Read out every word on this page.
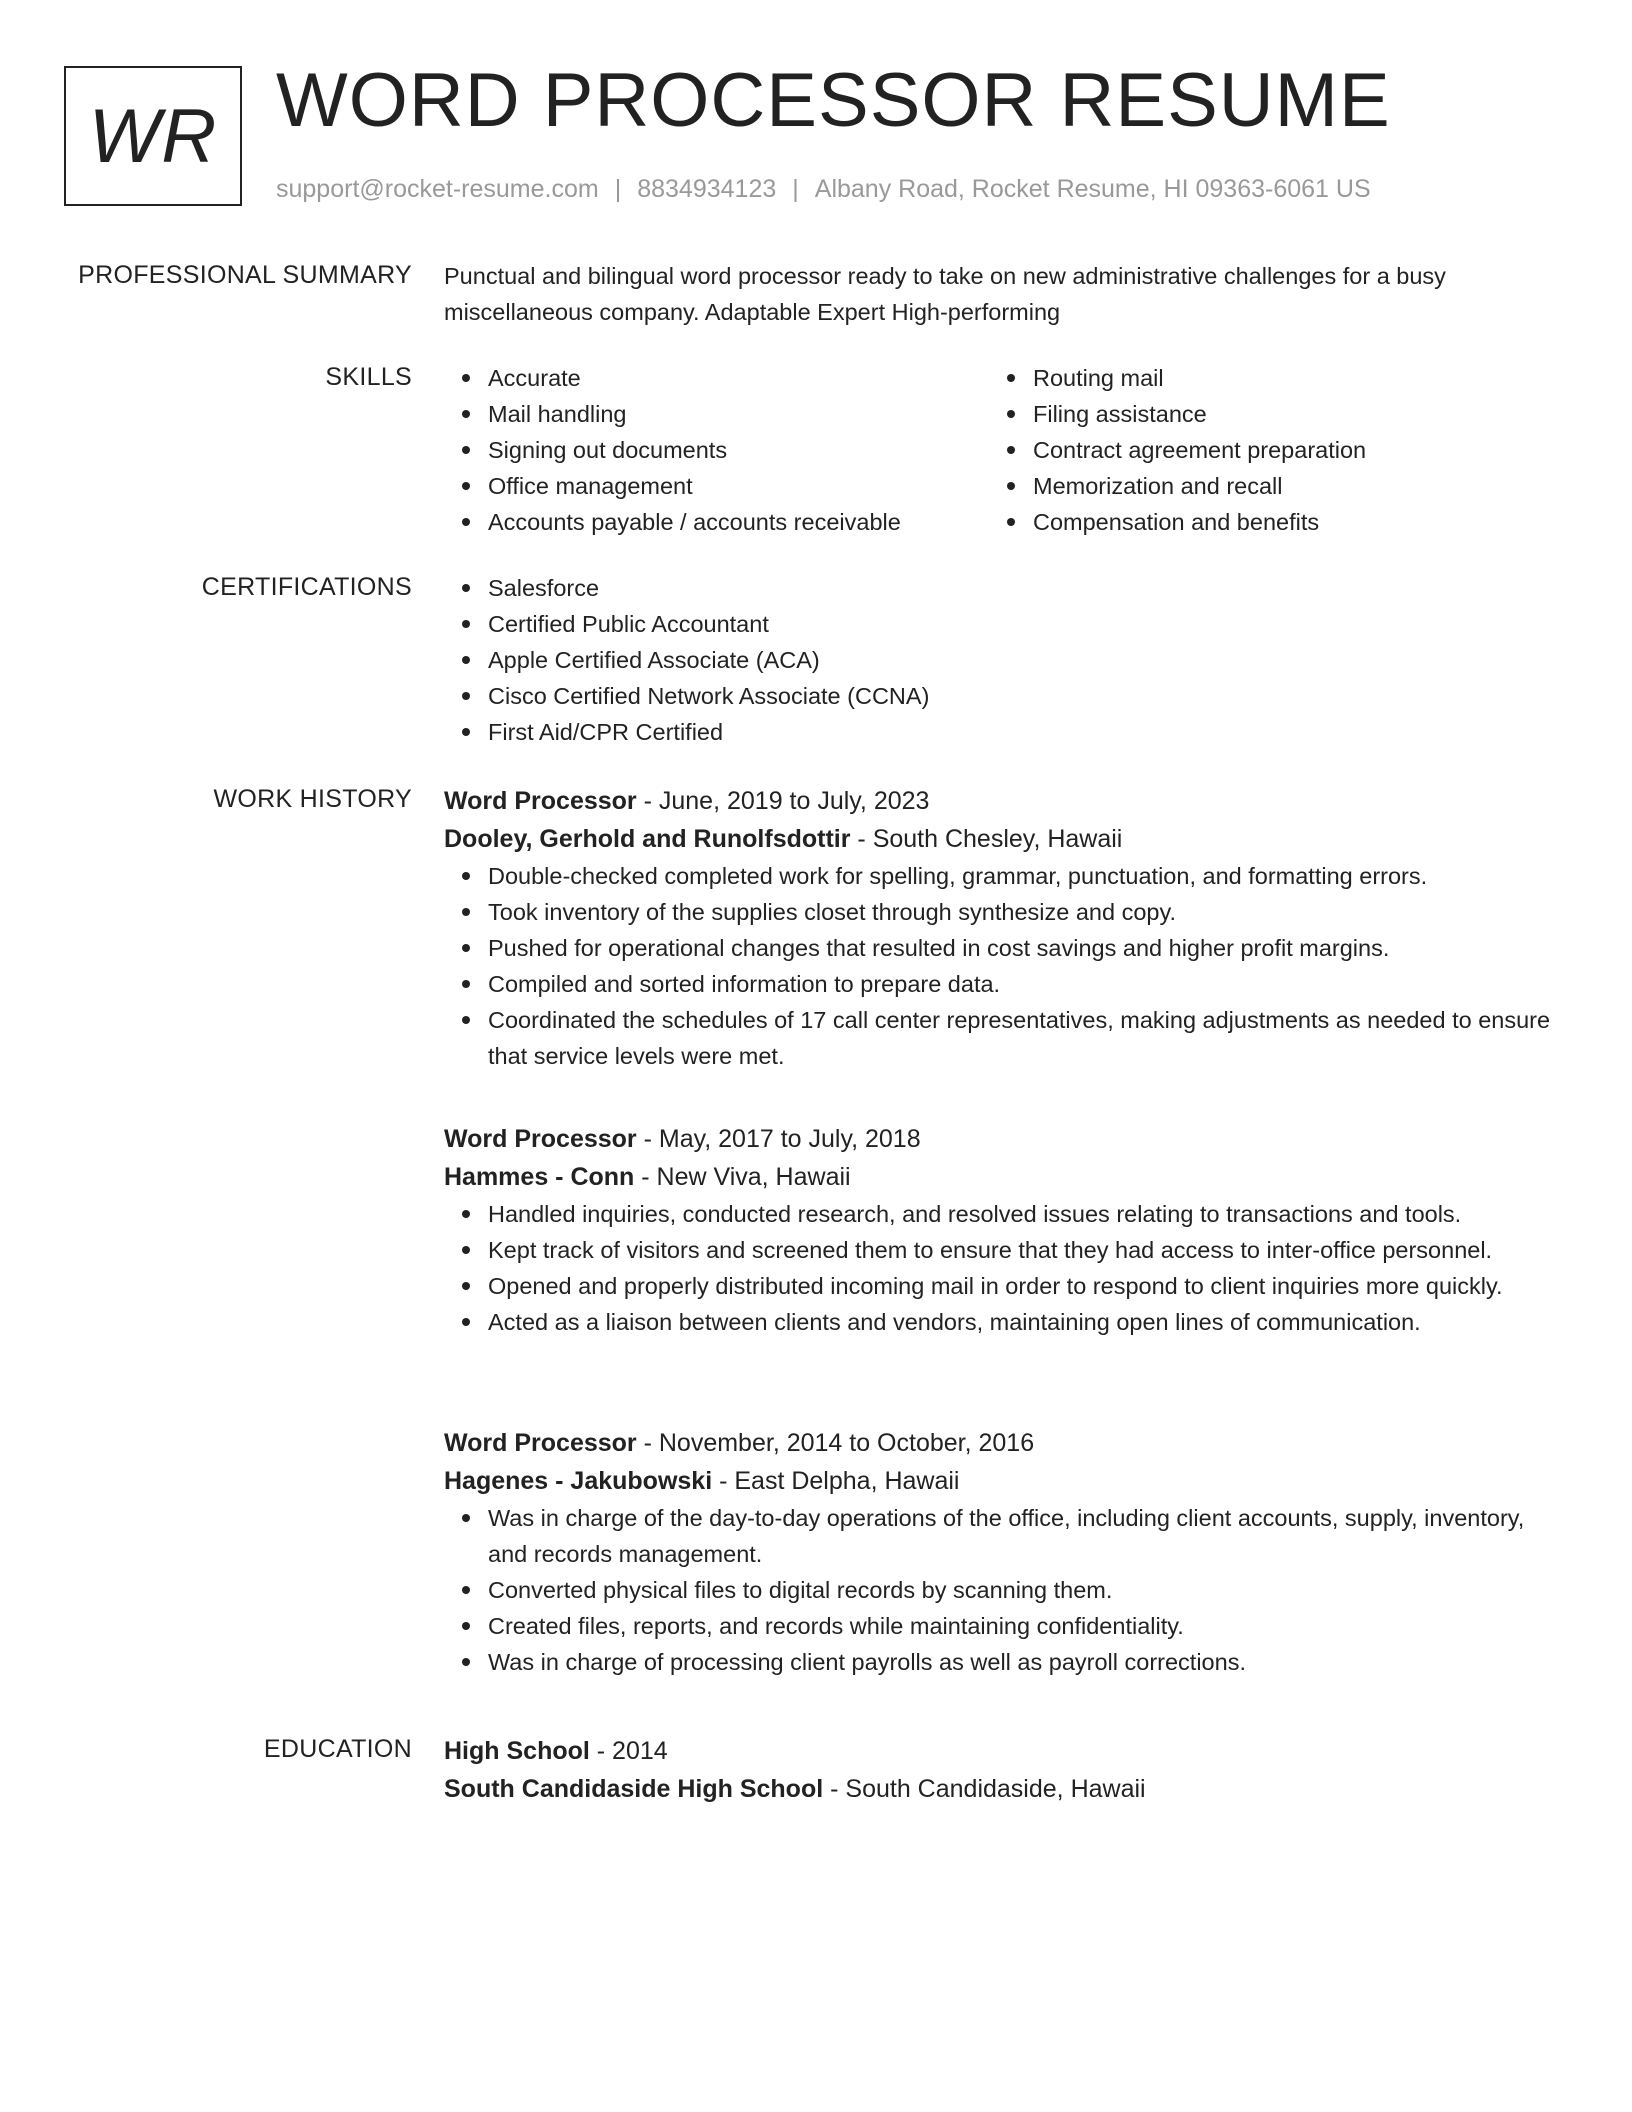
WR WORD PROCESSOR RESUME
support@rocket-resume.com | 8834934123 | Albany Road, Rocket Resume, HI 09363-6061 US
PROFESSIONAL SUMMARY Punctual and bilingual word processor ready to take on new administrative challenges for a busy miscellaneous company. Adaptable Expert High-performing

SKILLS	Accurate
Mail handling
Signing out documents
Office management
Accounts payable / accounts receivable
Routing mail
Filing assistance
Contract agreement preparation
Memorization and recall
Compensation and benefits
CERTIFICATIONS	Salesforce
Certified Public Accountant
Apple Certified Associate (ACA)
Cisco Certified Network Associate (CCNA)
First Aid/CPR Certified
WORK HISTORY Word Processor - June, 2019 to July, 2023
Dooley, Gerhold and Runolfsdottir - South Chesley, Hawaii
Double-checked completed work for spelling, grammar, punctuation, and formatting errors.
Took inventory of the supplies closet through synthesize and copy.
Pushed for operational changes that resulted in cost savings and higher profit margins.
Compiled and sorted information to prepare data.
Coordinated the schedules of 17 call center representatives, making adjustments as needed to ensure that service levels were met.
Word Processor - May, 2017 to July, 2018
Hammes - Conn - New Viva, Hawaii
Handled inquiries, conducted research, and resolved issues relating to transactions and tools.
Kept track of visitors and screened them to ensure that they had access to inter-office personnel.
Opened and properly distributed incoming mail in order to respond to client inquiries more quickly.
Acted as a liaison between clients and vendors, maintaining open lines of communication.
Word Processor - November, 2014 to October, 2016
Hagenes - Jakubowski - East Delpha, Hawaii
Was in charge of the day-to-day operations of the office, including client accounts, supply, inventory, and records management.
Converted physical files to digital records by scanning them.
Created files, reports, and records while maintaining confidentiality.
Was in charge of processing client payrolls as well as payroll corrections.
EDUCATION High School - 2014
South Candidaside High School - South Candidaside, Hawaii
